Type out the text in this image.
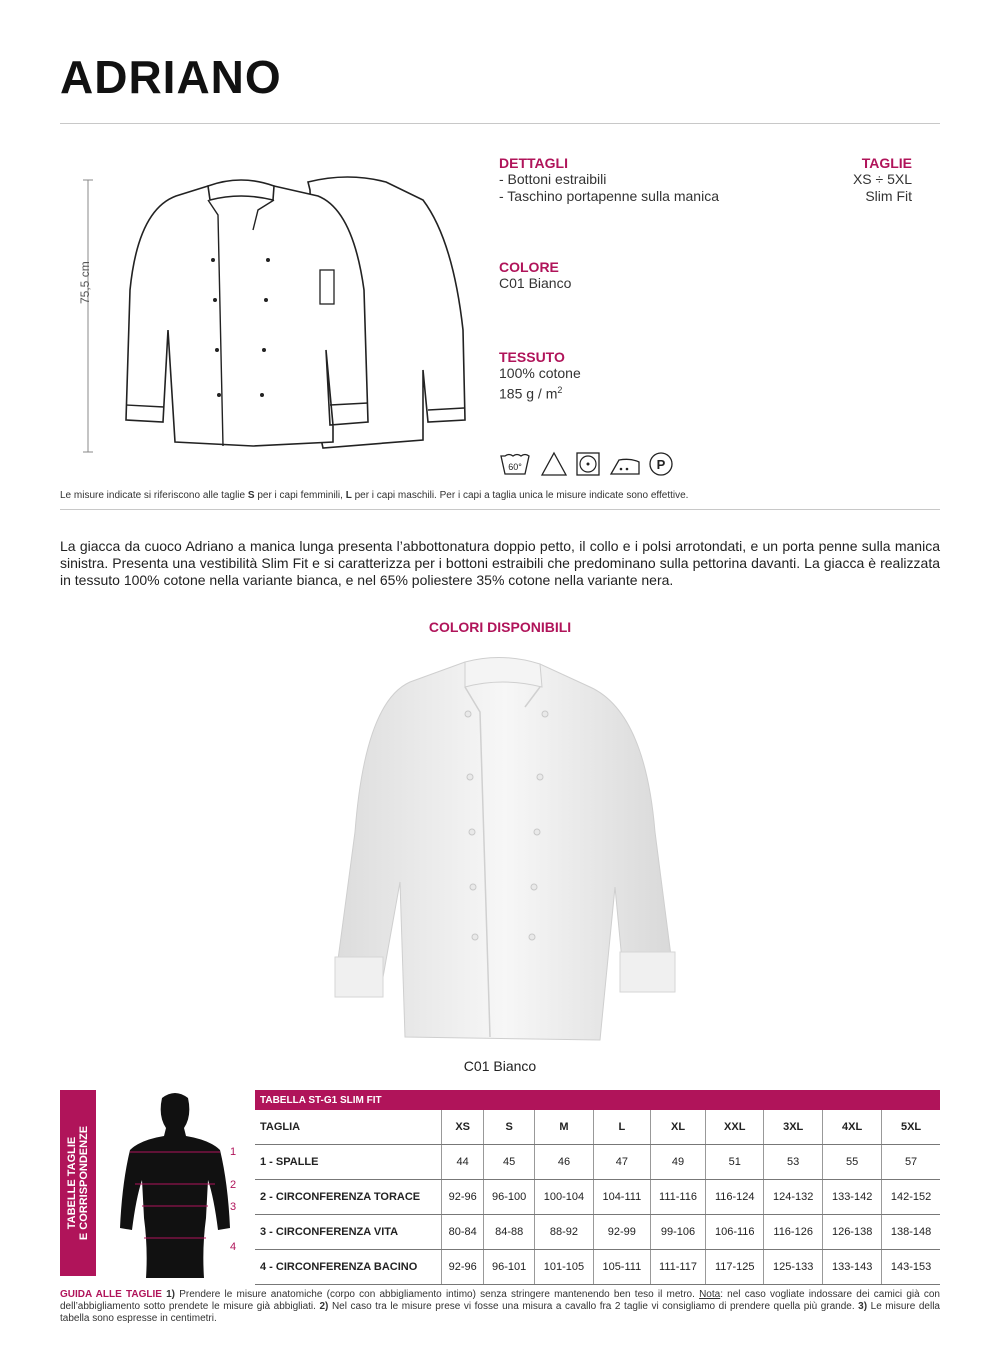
ADRIANO
75,5 cm
DETTAGLI
- Bottoni estraibili
- Taschino portapenne sulla manica
TAGLIE
XS ÷ 5XL
Slim Fit
COLORE
C01 Bianco
TESSUTO
100% cotone
185 g / $m^2$
60°	P
Le misure indicate si riferiscono alle taglie S per i capi femminili, L per i capi maschili. Per i capi a taglia unica le misure indicate sono effettive.
La giacca da cuoco Adriano a manica lunga presenta l’abbottonatura doppio petto, il collo e i polsi arrotondati, e un porta penne sulla manica sinistra. Presenta una vestibilità Slim Fit e si caratterizza per i bottoni estraibili che predominano sulla pettorina davanti. La giacca è realizzata in tessuto 100% cotone nella variante bianca, e nel 65% poliestere 35% cotone nella variante nera.
COLORI DISPONIBILI
C01 Bianco
TABELLE TAGLIE
E CORRISPONDENZE	1
2
3
4
TABELLA ST-G1 SLIM FIT									
TAGLIA	XS	S	M	L	XL	XXL	3XL	4XL	5XL
1 - SPALLE	44	45	46	47	49	51	53	55	57
2 - CIRCONFERENZA TORACE	92-96	96-100	100-104	104-111	111-116	116-124	124-132	133-142	142-152
3 - CIRCONFERENZA VITA	80-84	84-88	88-92	92-99	99-106	106-116	116-126	126-138	138-148
4 - CIRCONFERENZA BACINO	92-96	96-101	101-105	105-111	111-117	117-125	125-133	133-143	143-153
GUIDA ALLE TAGLIE 1) Prendere le misure anatomiche (corpo con abbigliamento intimo) senza stringere mantenendo ben teso il metro. Nota: nel caso vogliate indossare dei camici già con dell’abbigliamento sotto prendete le misure già abbigliati. 2) Nel caso tra le misure prese vi fosse una misura a cavallo fra 2 taglie vi consigliamo di prendere quella più grande. 3) Le misure della tabella sono espresse in centimetri.
